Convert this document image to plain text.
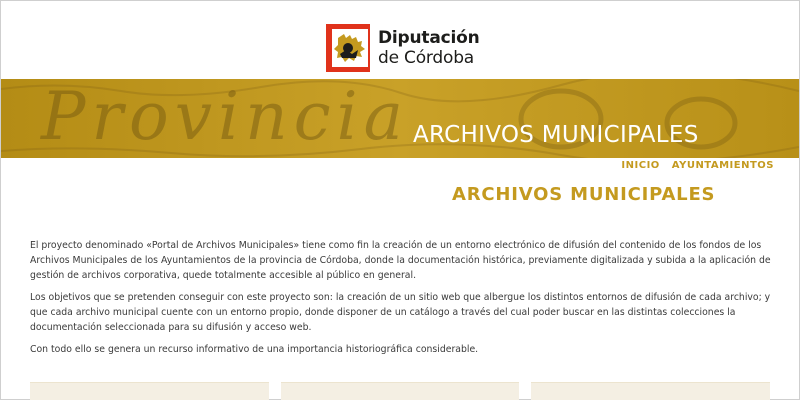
Diputación
de Córdoba
Provincia ARCHIVOS MUNICIPALES
INICIO AYUNTAMIENTOS
ARCHIVOS MUNICIPALES

El proyecto denominado «Portal de Archivos Municipales» tiene como fin la creación de un entorno electrónico de difusión del contenido de los fondos de los Archivos Municipales de los Ayuntamientos de la provincia de Córdoba, donde la documentación histórica, previamente digitalizada y subida a la aplicación de gestión de archivos corporativa, quede totalmente accesible al público en general.

Los objetivos que se pretenden conseguir con este proyecto son: la creación de un sitio web que albergue los distintos entornos de difusión de cada archivo; y que cada archivo municipal cuente con un entorno propio, donde disponer de un catálogo a través del cual poder buscar en las distintas colecciones la documentación seleccionada para su difusión y acceso web.

Con todo ello se genera un recurso informativo de una importancia historiográfica considerable.
